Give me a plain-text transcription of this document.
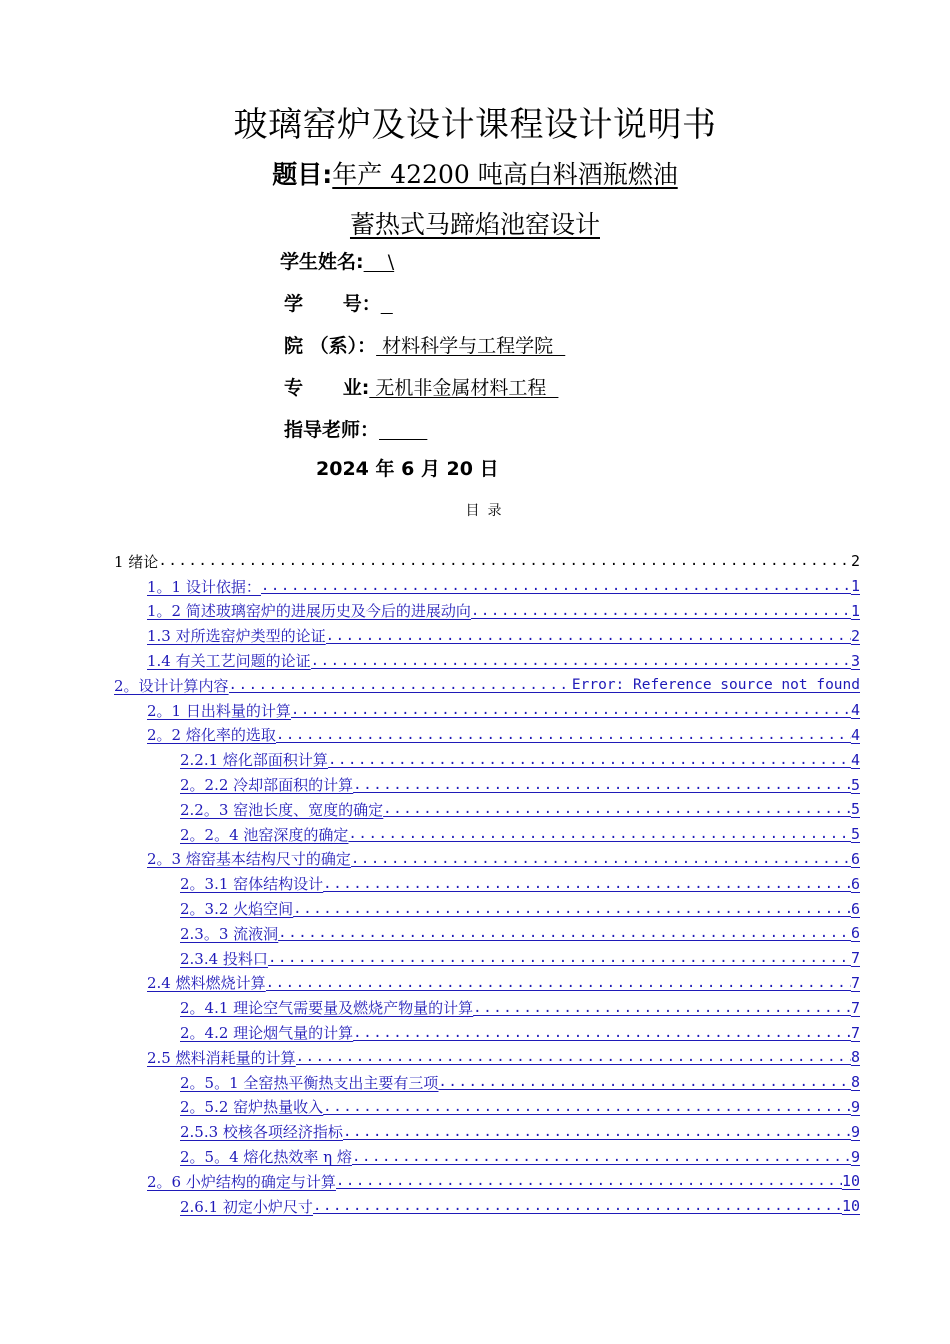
玻璃窑炉及设计课程设计说明书
题目:年产 42200 吨高白料酒瓶燃油
蓄热式马蹄焰池窑设计
学生姓名:    \
学      号：
院 （系）： 材料科学与工程学院
专      业: 无机非金属材料工程
指导老师：
2024 年 6 月 20 日
目录
1 绪论 .....	2
1。1 设计依据： .....	1
1。2 简述玻璃窑炉的进展历史及今后的进展动向 .....	1
1.3 对所选窑炉类型的论证 .....	2
1.4 有关工艺问题的论证 .....	3
2。设计计算内容 .....	Error: Reference source not found
2。1 日出料量的计算 .....	4
2。2 熔化率的选取 .....	4
2.2.1 熔化部面积计算 .....	4
2。2.2 冷却部面积的计算 .....	5
2.2。3 窑池长度、宽度的确定 .....	5
2。2。4 池窑深度的确定 .....	5
2。3 熔窑基本结构尺寸的确定 .....	6
2。3.1 窑体结构设计 .....	6
2。3.2 火焰空间 .....	6
2.3。3 流液洞 .....	6
2.3.4 投料口 .....	7
2.4 燃料燃烧计算 .....	7
2。4.1 理论空气需要量及燃烧产物量的计算 .....	7
2。4.2 理论烟气量的计算 .....	7
2.5 燃料消耗量的计算 .....	8
2。5。1 全窑热平衡热支出主要有三项 .....	8
2。5.2 窑炉热量收入 .....	9
2.5.3 校核各项经济指标 .....	9
2。5。4 熔化热效率 η 熔 .....	9
2。6 小炉结构的确定与计算 .....	10
2.6.1 初定小炉尺寸 .....	10
